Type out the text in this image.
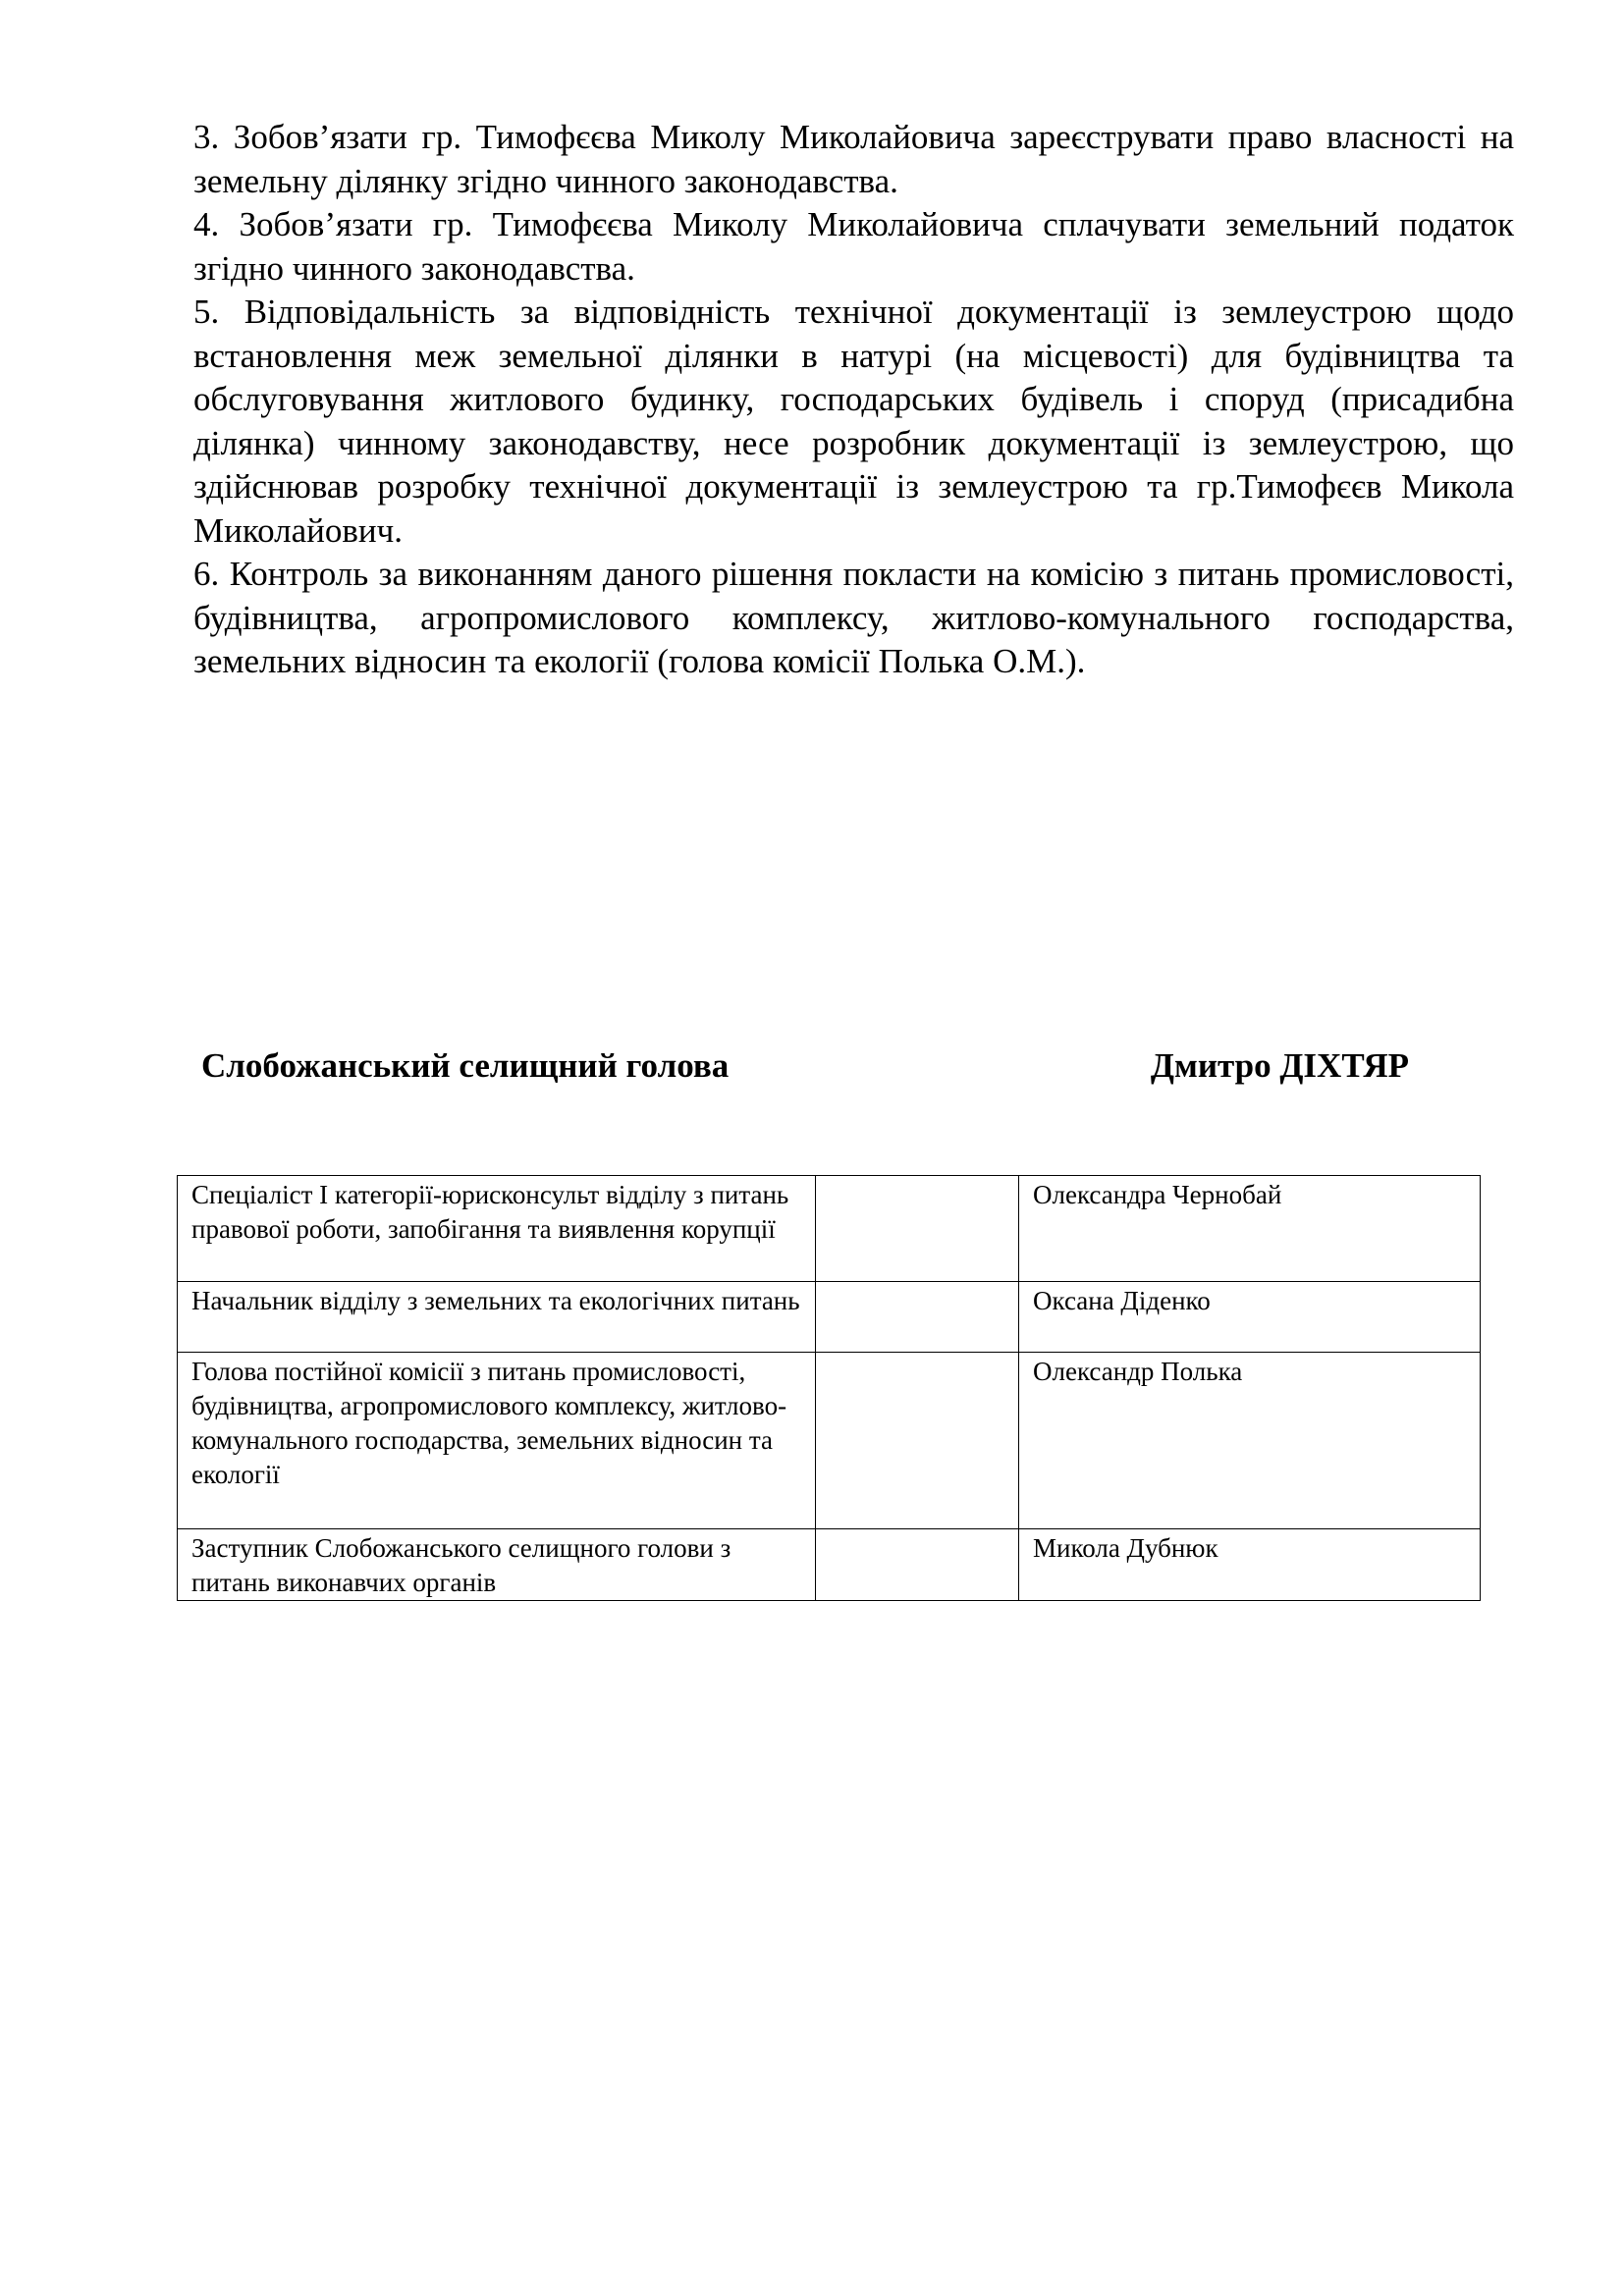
3. Зобов’язати гр. Тимофєєва Миколу Миколайовича зареєструвати право власності на земельну ділянку згідно чинного законодавства.

4. Зобов’язати гр. Тимофєєва Миколу Миколайовича сплачувати земельний податок згідно чинного законодавства.

5. Відповідальність за відповідність технічної документації із землеустрою щодо встановлення меж земельної ділянки в натурі (на місцевості) для будівництва та обслуговування житлового будинку, господарських будівель і споруд (присадибна ділянка) чинному законодавству, несе розробник документації із землеустрою, що здійснював розробку технічної документації із землеустрою та гр.Тимофєєв Микола Миколайович.

6. Контроль за виконанням даного рішення покласти на комісію з питань промисловості, будівництва, агропромислового комплексу, житлово-комунального господарства, земельних відносин та екології (голова комісії Полька О.М.).

Слобожанський селищний голова	Дмитро ДІХТЯР
Спеціаліст І категорії-юрисконсульт відділу з питань правової роботи, запобігання та виявлення корупції		Олександра Чернобай
Начальник відділу з земельних та екологічних питань		Оксана Діденко
Голова постійної комісії з питань промисловості, будівництва, агропромислового комплексу, житлово-комунального господарства, земельних відносин та екології		Олександр Полька
Заступник Слобожанського селищного голови з питань виконавчих органів		Микола Дубнюк
